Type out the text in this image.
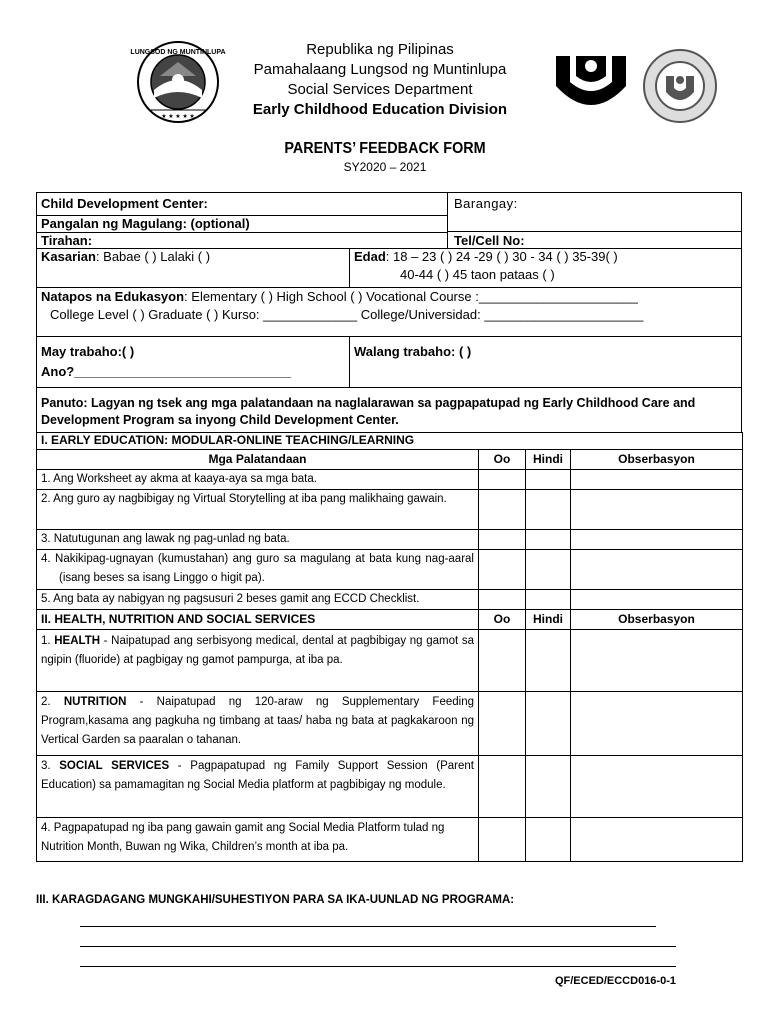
LUNGSOD NG MUNTINLUPA
★ ★ ★ ★ ★
Republika ng Pilipinas
Pamahalaang Lungsod ng Muntinlupa
Social Services Department
Early Childhood Education Division
PARENTS’ FEEDBACK FORM
SY2020 – 2021
Child Development Center:	Barangay:
Pangalan ng Magulang: (optional)
Tirahan:	Tel/Cell No:
Kasarian: Babae ( ) Lalaki ( )	Edad: 18 – 23 ( ) 24 -29 ( ) 30 - 34 ( ) 35-39( )
40-44 ( ) 45 taon pataas ( )
Natapos na Edukasyon: Elementary ( ) High School ( ) Vocational Course :______________________
College Level ( ) Graduate ( ) Kurso: _____________ College/Universidad: ______________________
May trabaho:( )
Ano?______________________________
Walang trabaho: ( )
Panuto: Lagyan ng tsek ang mga palatandaan na naglalarawan sa pagpapatupad ng Early Childhood Care and Development Program sa inyong Child Development Center.
I. EARLY EDUCATION: MODULAR-ONLINE TEACHING/LEARNING			
Mga Palatandaan	Oo	Hindi	Obserbasyon
1. Ang Worksheet ay akma at kaaya-aya sa mga bata.			
2. Ang guro ay nagbibigay ng Virtual Storytelling at iba pang malikhaing gawain.			
3. Natutugunan ang lawak ng pag-unlad ng bata.			
4. Nakikipag-ugnayan (kumustahan) ang guro sa magulang at bata kung nag-aaral (isang beses sa isang Linggo o higit pa).			
5. Ang bata ay nabigyan ng pagsusuri 2 beses gamit ang ECCD Checklist.			
II. HEALTH, NUTRITION AND SOCIAL SERVICES	Oo	Hindi	Obserbasyon
1. HEALTH - Naipatupad ang serbisyong medical, dental at pagbibigay ng gamot sa ngipin (fluoride) at pagbigay ng gamot pampurga, at iba pa.			
2. NUTRITION - Naipatupad ng 120-araw ng Supplementary Feeding Program,kasama ang pagkuha ng timbang at taas/ haba ng bata at pagkakaroon ng Vertical Garden sa paaralan o tahanan.			
3. SOCIAL SERVICES - Pagpapatupad ng Family Support Session (Parent Education) sa pamamagitan ng Social Media platform at pagbibigay ng module.			
4. Pagpapatupad ng iba pang gawain gamit ang Social Media Platform tulad ng Nutrition Month, Buwan ng Wika, Children’s month at iba pa.			
III. KARAGDAGANG MUNGKAHI/SUHESTIYON PARA SA IKA-UUNLAD NG PROGRAMA:
QF/ECED/ECCD016-0-1
